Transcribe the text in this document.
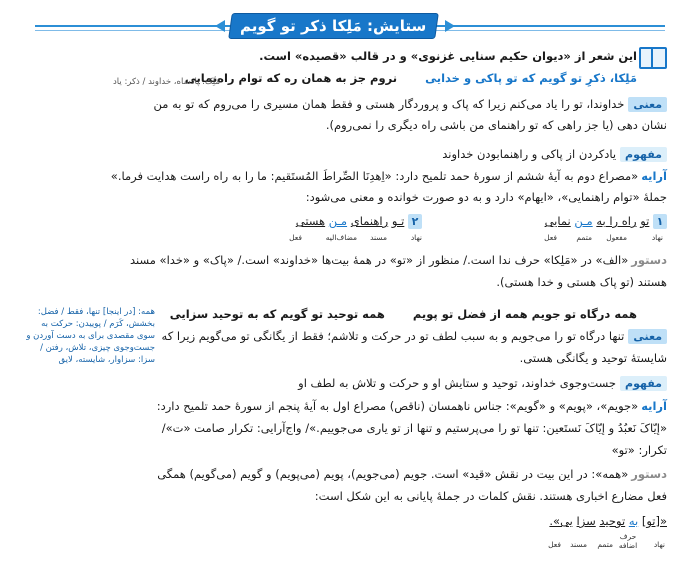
ستایش: مَلِکا ذکر تو گویم
این شعر از «دیوان حکیم سنایی غزنوی» و در قالب «قصیده» است.
مَلِکا، ذکرِ تو گویم که تو پاکی و خدایی  نروم جز به همان ره که توام راه‌نمایی
مَلِک: پادشاه، خداوند / ذکر: یاد
معنیخداوندا، تو را یاد می‌کنم زیرا که پاک و پروردگار هستی و فقط همان مسیری را می‌روم که تو به من
نشان دهی (یا جز راهی که تو راهنمای من باشی راه دیگری را نمی‌روم).
مفهومیادکردن از پاکی و راهنمابودن خداوند
آرایه«مصراع دوم به آیهٔ ششم از سورهٔ حمد تلمیح دارد: «اِهدِنَا الصِّراطَ المُستَقیم: ما را به راه راست هدایت فرما.»
جملهٔ «توام راهنمایی»، «ایهام» دارد و به دو صورت خوانده و معنی می‌شود:
۱ تو راه را به مـن نمایی
نهاد
مفعول
متمم
فعل
۲ تـو راهنمای مـن هستی
نهاد
مسند
مضاف‌الیه
فعل
دستور«الف» در «مَلِکا» حرف ندا است./ منظور از «تو» در همهٔ بیت‌ها «خداوند» است./ «پاک» و «خدا» مسند
هستند (تو پاک هستی و خدا هستی).
همه درگاه تو جویم همه از فضل تو پویم  همه توحید تو گویم که به توحید سزایی
همه: [در اینجا] تنها، فقط / فضل: بخشش، کَرَم / پوییدن: حرکت به سوی مقصدی برای به دست آوردن و جست‌وجوی چیزی، تلاش، رفتن / سزا: سزاوار، شایسته، لایق
معنیتنها درگاه تو را می‌جویم و به سبب لطف تو در حرکت و تلاشم؛ فقط از یگانگی تو می‌گویم زیرا که
شایستهٔ توحید و یگانگی هستی.
مفهومجست‌وجوی خداوند، توحید و ستایش او و حرکت و تلاش به لطف او
آرایه«جویم»، «پویم» و «گویم»: جناس ناهمسان (ناقص) مصراع اول به آیهٔ پنجم از سورهٔ حمد تلمیح دارد:
«إیّاکَ نَعبُدُ و إیّاکَ نَستَعین: تنها تو را می‌پرستیم و تنها از تو یاری می‌جوییم.»/ واج‌آرایی: تکرار صامت «ت»/
تکرار: «تو»
دستور«همه»: در این بیت در نقش «قید» است. جویم (می‌جویم)، پویم (می‌پویم) و گویم (می‌گویم) همگی
فعل مضارع اخباری هستند. نقش کلمات در جملهٔ پایانی به این شکل است:
«[تو] به توحید سزا یی».
نهاد
حرف اضافه
متمم
مسند
فعل
